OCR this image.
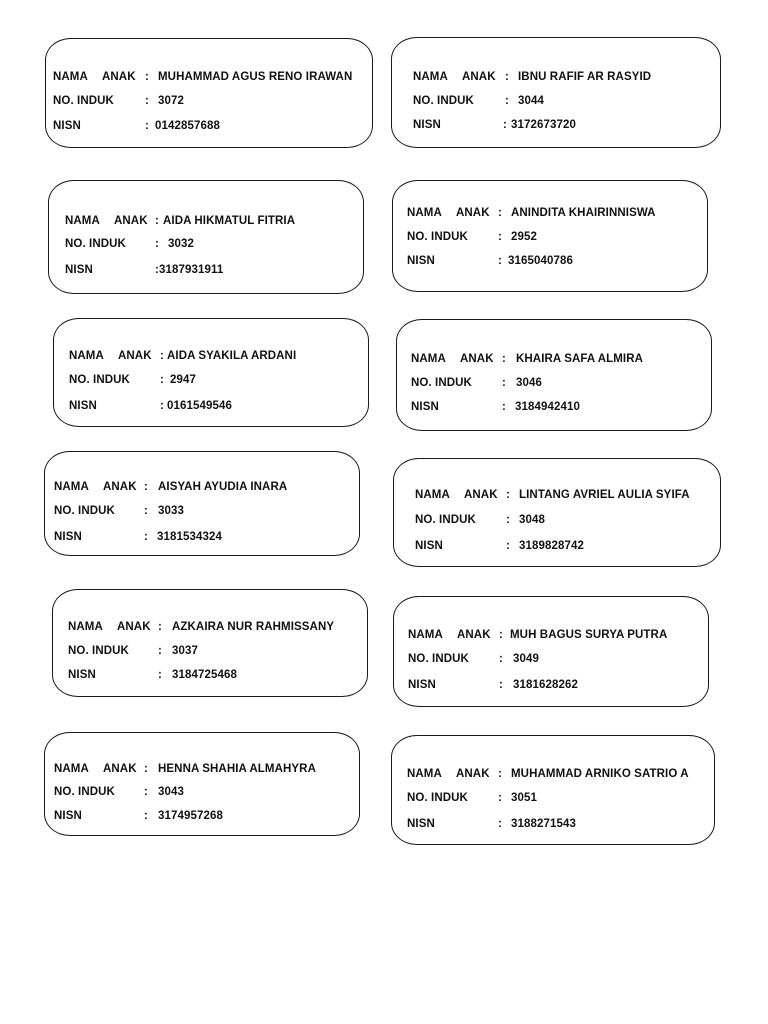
NAMA ANAK : MUHAMMAD AGUS RENO IRAWAN
NO. INDUK	: 3072
NISN	: 0142857688
NAMA ANAK : IBNU RAFIF AR RASYID
NO. INDUK	: 3044
NISN	: 3172673720
NAMA ANAK : AIDA HIKMATUL FITRIA
NO. INDUK	: 3032
NISN	: 3187931911
NAMA ANAK : ANINDITA KHAIRINNISWA
NO. INDUK	: 2952
NISN	: 3165040786
NAMA ANAK : AIDA SYAKILA ARDANI
NO. INDUK	: 2947
NISN	: 0161549546
NAMA ANAK : KHAIRA SAFA ALMIRA
NO. INDUK	: 3046
NISN	: 3184942410
NAMA ANAK : AISYAH AYUDIA INARA
NO. INDUK	: 3033
NISN	: 3181534324
NAMA ANAK : LINTANG AVRIEL AULIA SYIFA
NO. INDUK	: 3048
NISN	: 3189828742
NAMA ANAK : AZKAIRA NUR RAHMISSANY
NO. INDUK	: 3037
NISN	: 3184725468
NAMA ANAK : MUH BAGUS SURYA PUTRA
NO. INDUK	: 3049
NISN	: 3181628262
NAMA ANAK : HENNA SHAHIA ALMAHYRA
NO. INDUK	: 3043
NISN	: 3174957268
NAMA ANAK : MUHAMMAD ARNIKO SATRIO A
NO. INDUK	: 3051
NISN	: 3188271543
